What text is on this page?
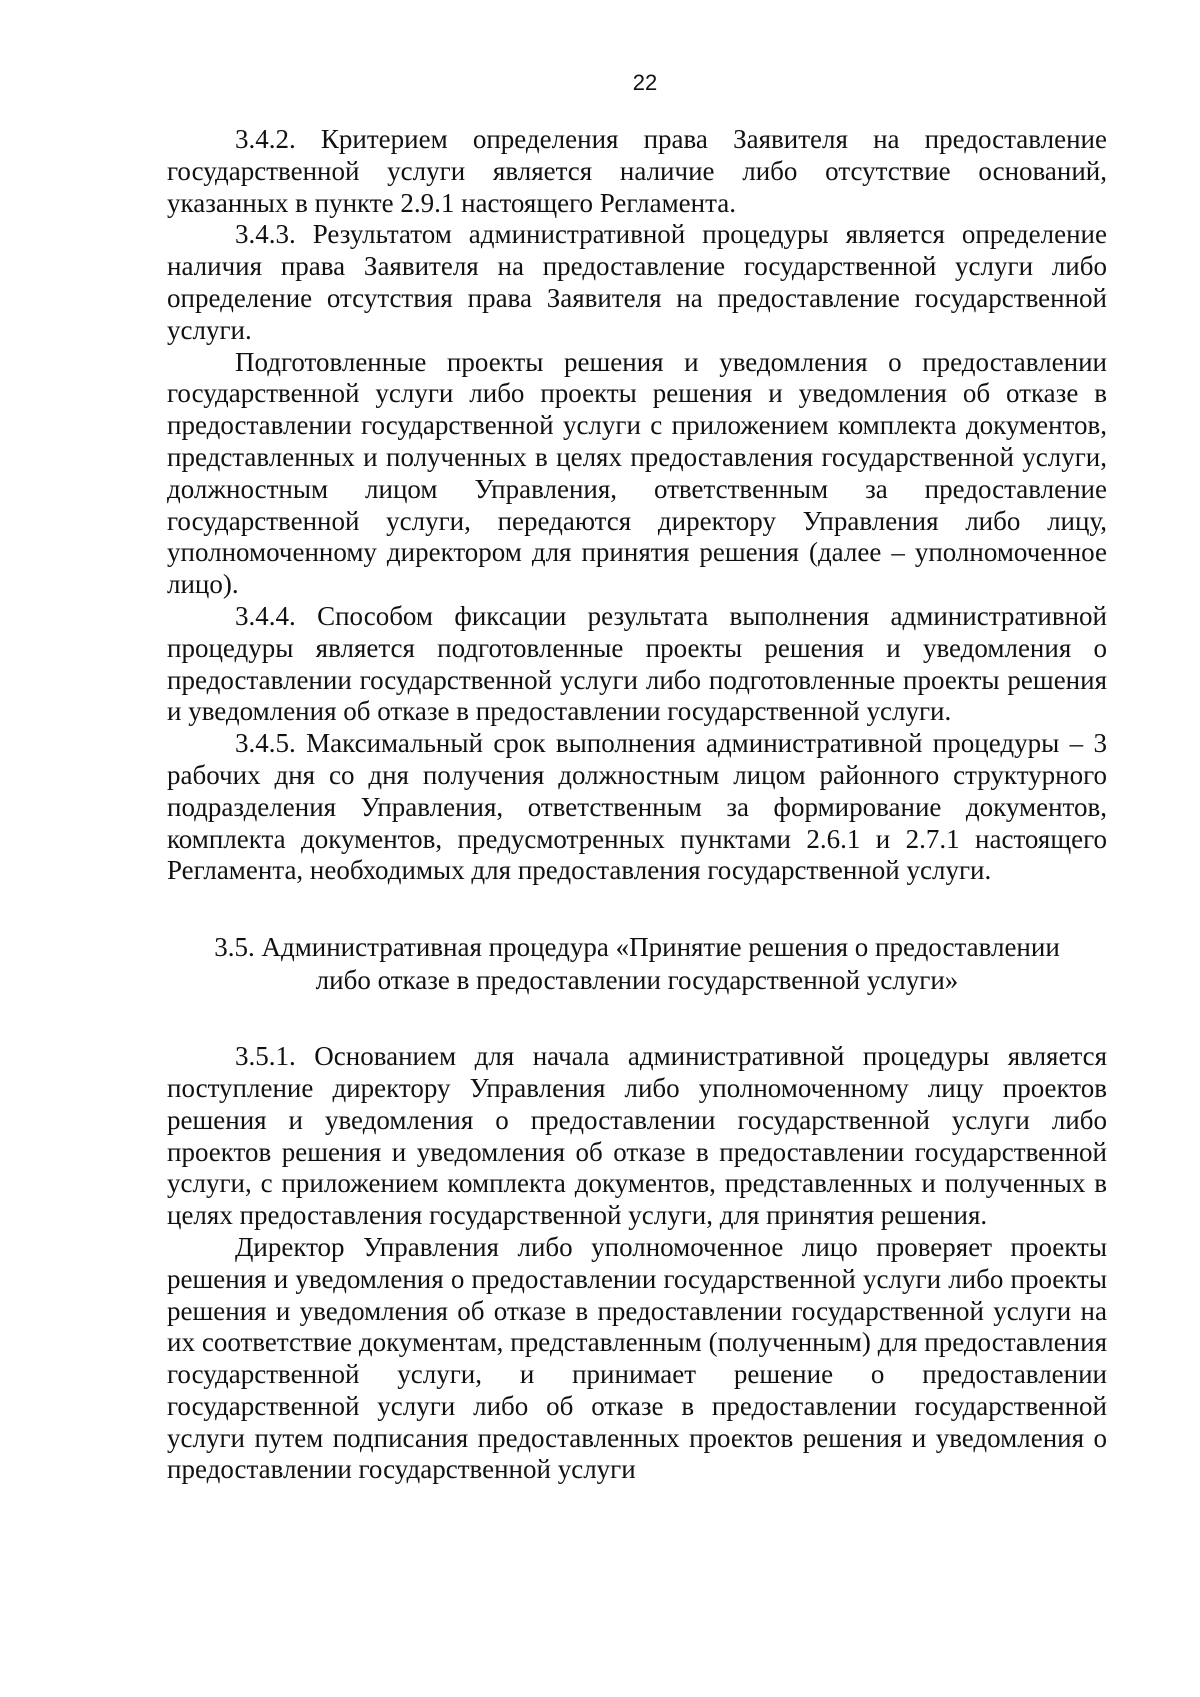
22

3.4.2. Критерием определения права Заявителя на предоставление государственной услуги является наличие либо отсутствие оснований, указанных в пункте 2.9.1 настоящего Регламента.

3.4.3. Результатом административной процедуры является определение наличия права Заявителя на предоставление государственной услуги либо определение отсутствия права Заявителя на предоставление государственной услуги.

Подготовленные проекты решения и уведомления о предоставлении государственной услуги либо проекты решения и уведомления об отказе в предоставлении государственной услуги с приложением комплекта документов, представленных и полученных в целях предоставления государственной услуги, должностным лицом Управления, ответственным за предоставление государственной услуги, передаются директору Управления либо лицу, уполномоченному директором для принятия решения (далее – уполномоченное лицо).

3.4.4. Способом фиксации результата выполнения административной процедуры является подготовленные проекты решения и уведомления о предоставлении государственной услуги либо подготовленные проекты решения и уведомления об отказе в предоставлении государственной услуги.

3.4.5. Максимальный срок выполнения административной процедуры – 3 рабочих дня со дня получения должностным лицом районного структурного подразделения Управления, ответственным за формирование документов, комплекта документов, предусмотренных пунктами 2.6.1 и 2.7.1 настоящего Регламента, необходимых для предоставления государственной услуги.

3.5. Административная процедура «Принятие решения о предоставлении
либо отказе в предоставлении государственной услуги»

3.5.1. Основанием для начала административной процедуры является поступление директору Управления либо уполномоченному лицу проектов решения и уведомления о предоставлении государственной услуги либо проектов решения и уведомления об отказе в предоставлении государственной услуги, с приложением комплекта документов, представленных и полученных в целях предоставления государственной услуги, для принятия решения.

Директор Управления либо уполномоченное лицо проверяет проекты решения и уведомления о предоставлении государственной услуги либо проекты решения и уведомления об отказе в предоставлении государственной услуги на их соответствие документам, представленным (полученным) для предоставления государственной услуги, и принимает решение о предоставлении государственной услуги либо об отказе в предоставлении государственной услуги путем подписания предоставленных проектов решения и уведомления о предоставлении государственной услуги
